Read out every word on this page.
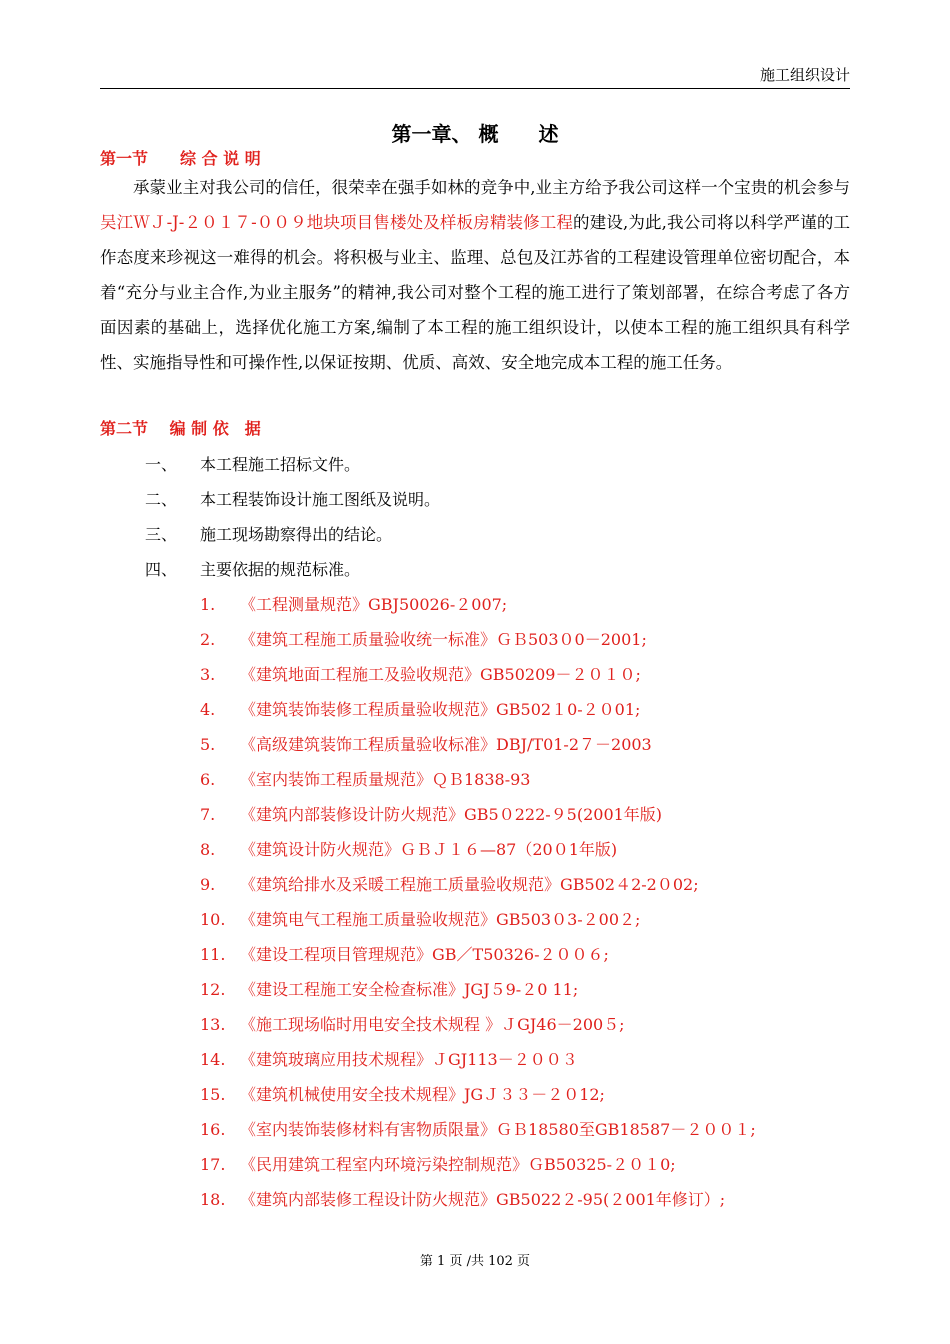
施工组织设计
第一章、 概　　述
第一节　　综 合 说 明
承蒙业主对我公司的信任，很荣幸在强手如林的竞争中,业主方给予我公司这样一个宝贵的机会参与吴江ＷＪ-J-２０１７-００９地块项目售楼处及样板房精装修工程的建设,为此,我公司将以科学严谨的工作态度来珍视这一难得的机会。将积极与业主、监理、总包及江苏省的工程建设管理单位密切配合，本着“充分与业主合作,为业主服务”的精神,我公司对整个工程的施工进行了策划部署，在综合考虑了各方面因素的基础上，选择优化施工方案,编制了本工程的施工组织设计，以使本工程的施工组织具有科学性、实施指导性和可操作性,以保证按期、优质、高效、安全地完成本工程的施工任务。
第二节　 编 制 依　据
一、 本工程施工招标文件。
二、 本工程装饰设计施工图纸及说明。
三、 施工现场勘察得出的结论。
四、 主要依据的规范标准。
1. 《工程测量规范》GBJ50026-２007;
2. 《建筑工程施工质量验收统一标准》ＧＢ503０0－2001;
3. 《建筑地面工程施工及验收规范》GB50209－２０１０;
4. 《建筑装饰装修工程质量验收规范》GB502１0-２０01;
5. 《高级建筑装饰工程质量验收标准》DBJ/T01-2７－2003
6. 《室内装饰工程质量规范》ＱＢ1838-93
7. 《建筑内部装修设计防火规范》GB5０222-９5(2001年版)
8. 《建筑设计防火规范》ＧＢＪ１６—87（20０1年版)
9. 《建筑给排水及采暖工程施工质量验收规范》GB502４2-2０02;
10. 《建筑电气工程施工质量验收规范》GB503０3-２00２;
11. 《建设工程项目管理规范》GB／T50326-２００６;
12. 《建设工程施工安全检查标准》JGJ５9-２0 11;
13. 《施工现场临时用电安全技术规程 》ＪGJ46－200５;
14. 《建筑玻璃应用技术规程》ＪGJ113－２００３
15. 《建筑机械使用安全技术规程》JGＪ３３－２０12;
16. 《室内装饰装修材料有害物质限量》ＧＢ18580至GB18587－２００１;
17. 《民用建筑工程室内环境污染控制规范》ＧB50325-２０１0;
18. 《建筑内部装修工程设计防火规范》GB5022２-95(２001年修订）;
第 1 页 /共 102 页
